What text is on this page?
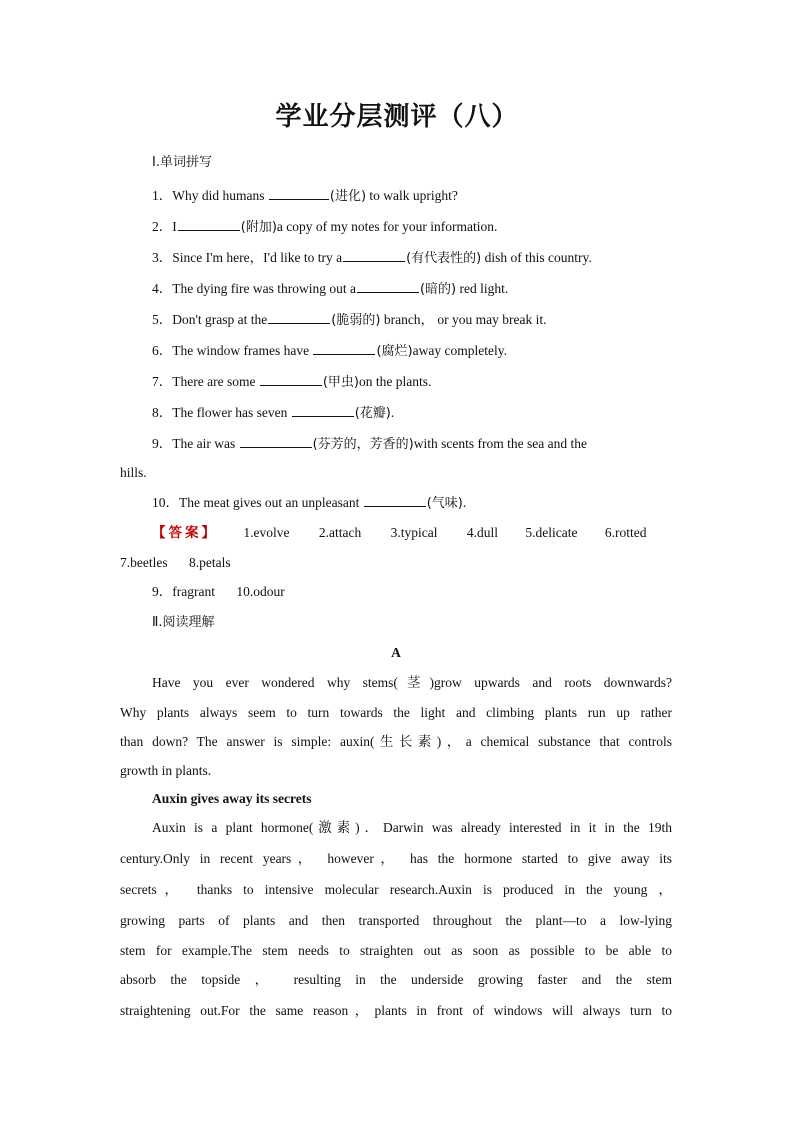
学业分层测评（八）
Ⅰ.单词拼写
1．Why did humans	(进化) to walk upright?
2．I	(附加)a copy of my notes for your information.
3．Since I'm here，I'd like to try a	(有代表性的) dish of this country.
4．The dying fire was throwing out a	(暗的) red light.
5．Don't grasp at the	(脆弱的) branch， or you may break it.
6．The window frames have	(腐烂)away completely.
7．There are some	(甲虫)on the plants.
8．The flower has seven	(花瓣).
9．The air was	(芬芳的，芳香的)with scents from the sea and the
hills.
10．The meat gives out an unpleasant	(气味).
【答案】 1.evolve 2.attach 3.typical 4.dull 5.delicate 6.rotted
7.beetles 8.petals
9．fragrant 10.odour
Ⅱ.阅读理解
A
Have you ever wondered why stems(茎)grow upwards and roots downwards?
Why plants always seem to turn towards the light and climbing plants run up rather
than down? The answer is simple: auxin(生长素)，a chemical substance that controls
growth in plants.
Auxin gives away its secrets
Auxin is a plant hormone(激素)．Darwin was already interested in it in the 19th
century.Only in recent years， however， has the hormone started to give away its
secrets， thanks to intensive molecular research.Auxin is produced in the young ，
growing parts of plants and then transported throughout the plant—to a low-lying
stem for example.The stem needs to straighten out as soon as possible to be able to
absorb the topside ， resulting in the underside growing faster and the stem
straightening out.For the same reason，plants in front of windows will always turn to
